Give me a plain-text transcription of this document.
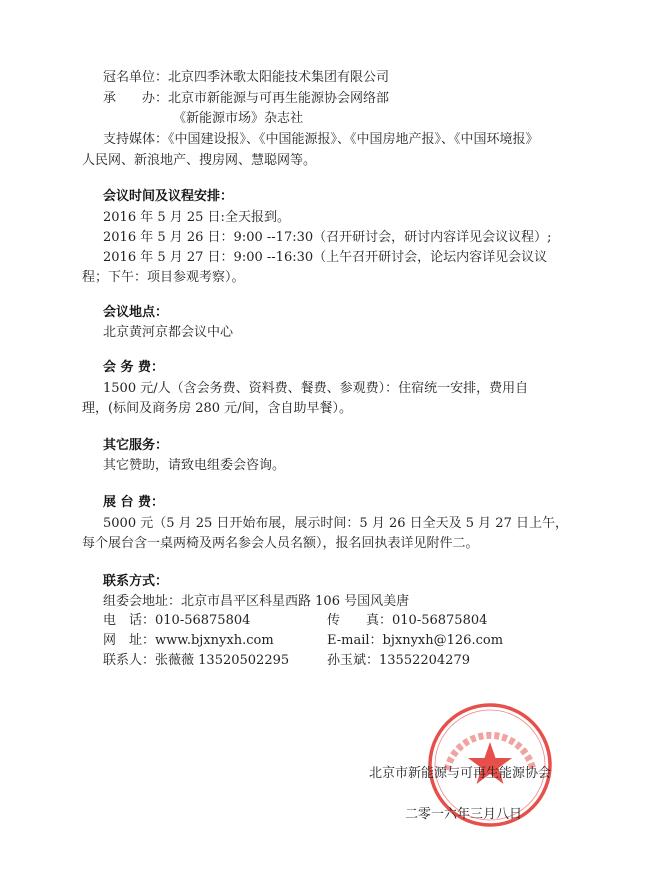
冠名单位：北京四季沐歌太阳能技术集团有限公司
承　　办：北京市新能源与可再生能源协会网络部
《新能源市场》杂志社
支持媒体：《中国建设报》、《中国能源报》、《中国房地产报》、《中国环境报》
人民网、新浪地产、搜房网、慧聪网等。
会议时间及议程安排：
2016 年 5 月 25 日:全天报到。
2016 年 5 月 26 日：9:00 --17:30（召开研讨会，研讨内容详见会议议程）;
2016 年 5 月 27 日：9:00 --16:30（上午召开研讨会，论坛内容详见会议议
程；下午：项目参观考察）。
会议地点：
北京黄河京都会议中心
会 务 费：
1500 元/人（含会务费、资料费、餐费、参观费）：住宿统一安排，费用自
理，(标间及商务房 280 元/间，含自助早餐）。
其它服务：
其它赞助，请致电组委会咨询。
展 台 费：
5000 元（5 月 25 日开始布展，展示时间：5 月 26 日全天及 5 月 27 日上午，
每个展台含一桌两椅及两名参会人员名额），报名回执表详见附件二。
联系方式：
组委会地址：北京市昌平区科星西路 106 号国风美唐
电　话：010-56875804	传　　真：010-56875804
网　址：www.bjxnyxh.com	E-mail：bjxnyxh@126.com
联系人：张薇薇 13520502295	孙玉斌：13552204279
北京市新能源与可再生能源协会
二零一六年三月八日
